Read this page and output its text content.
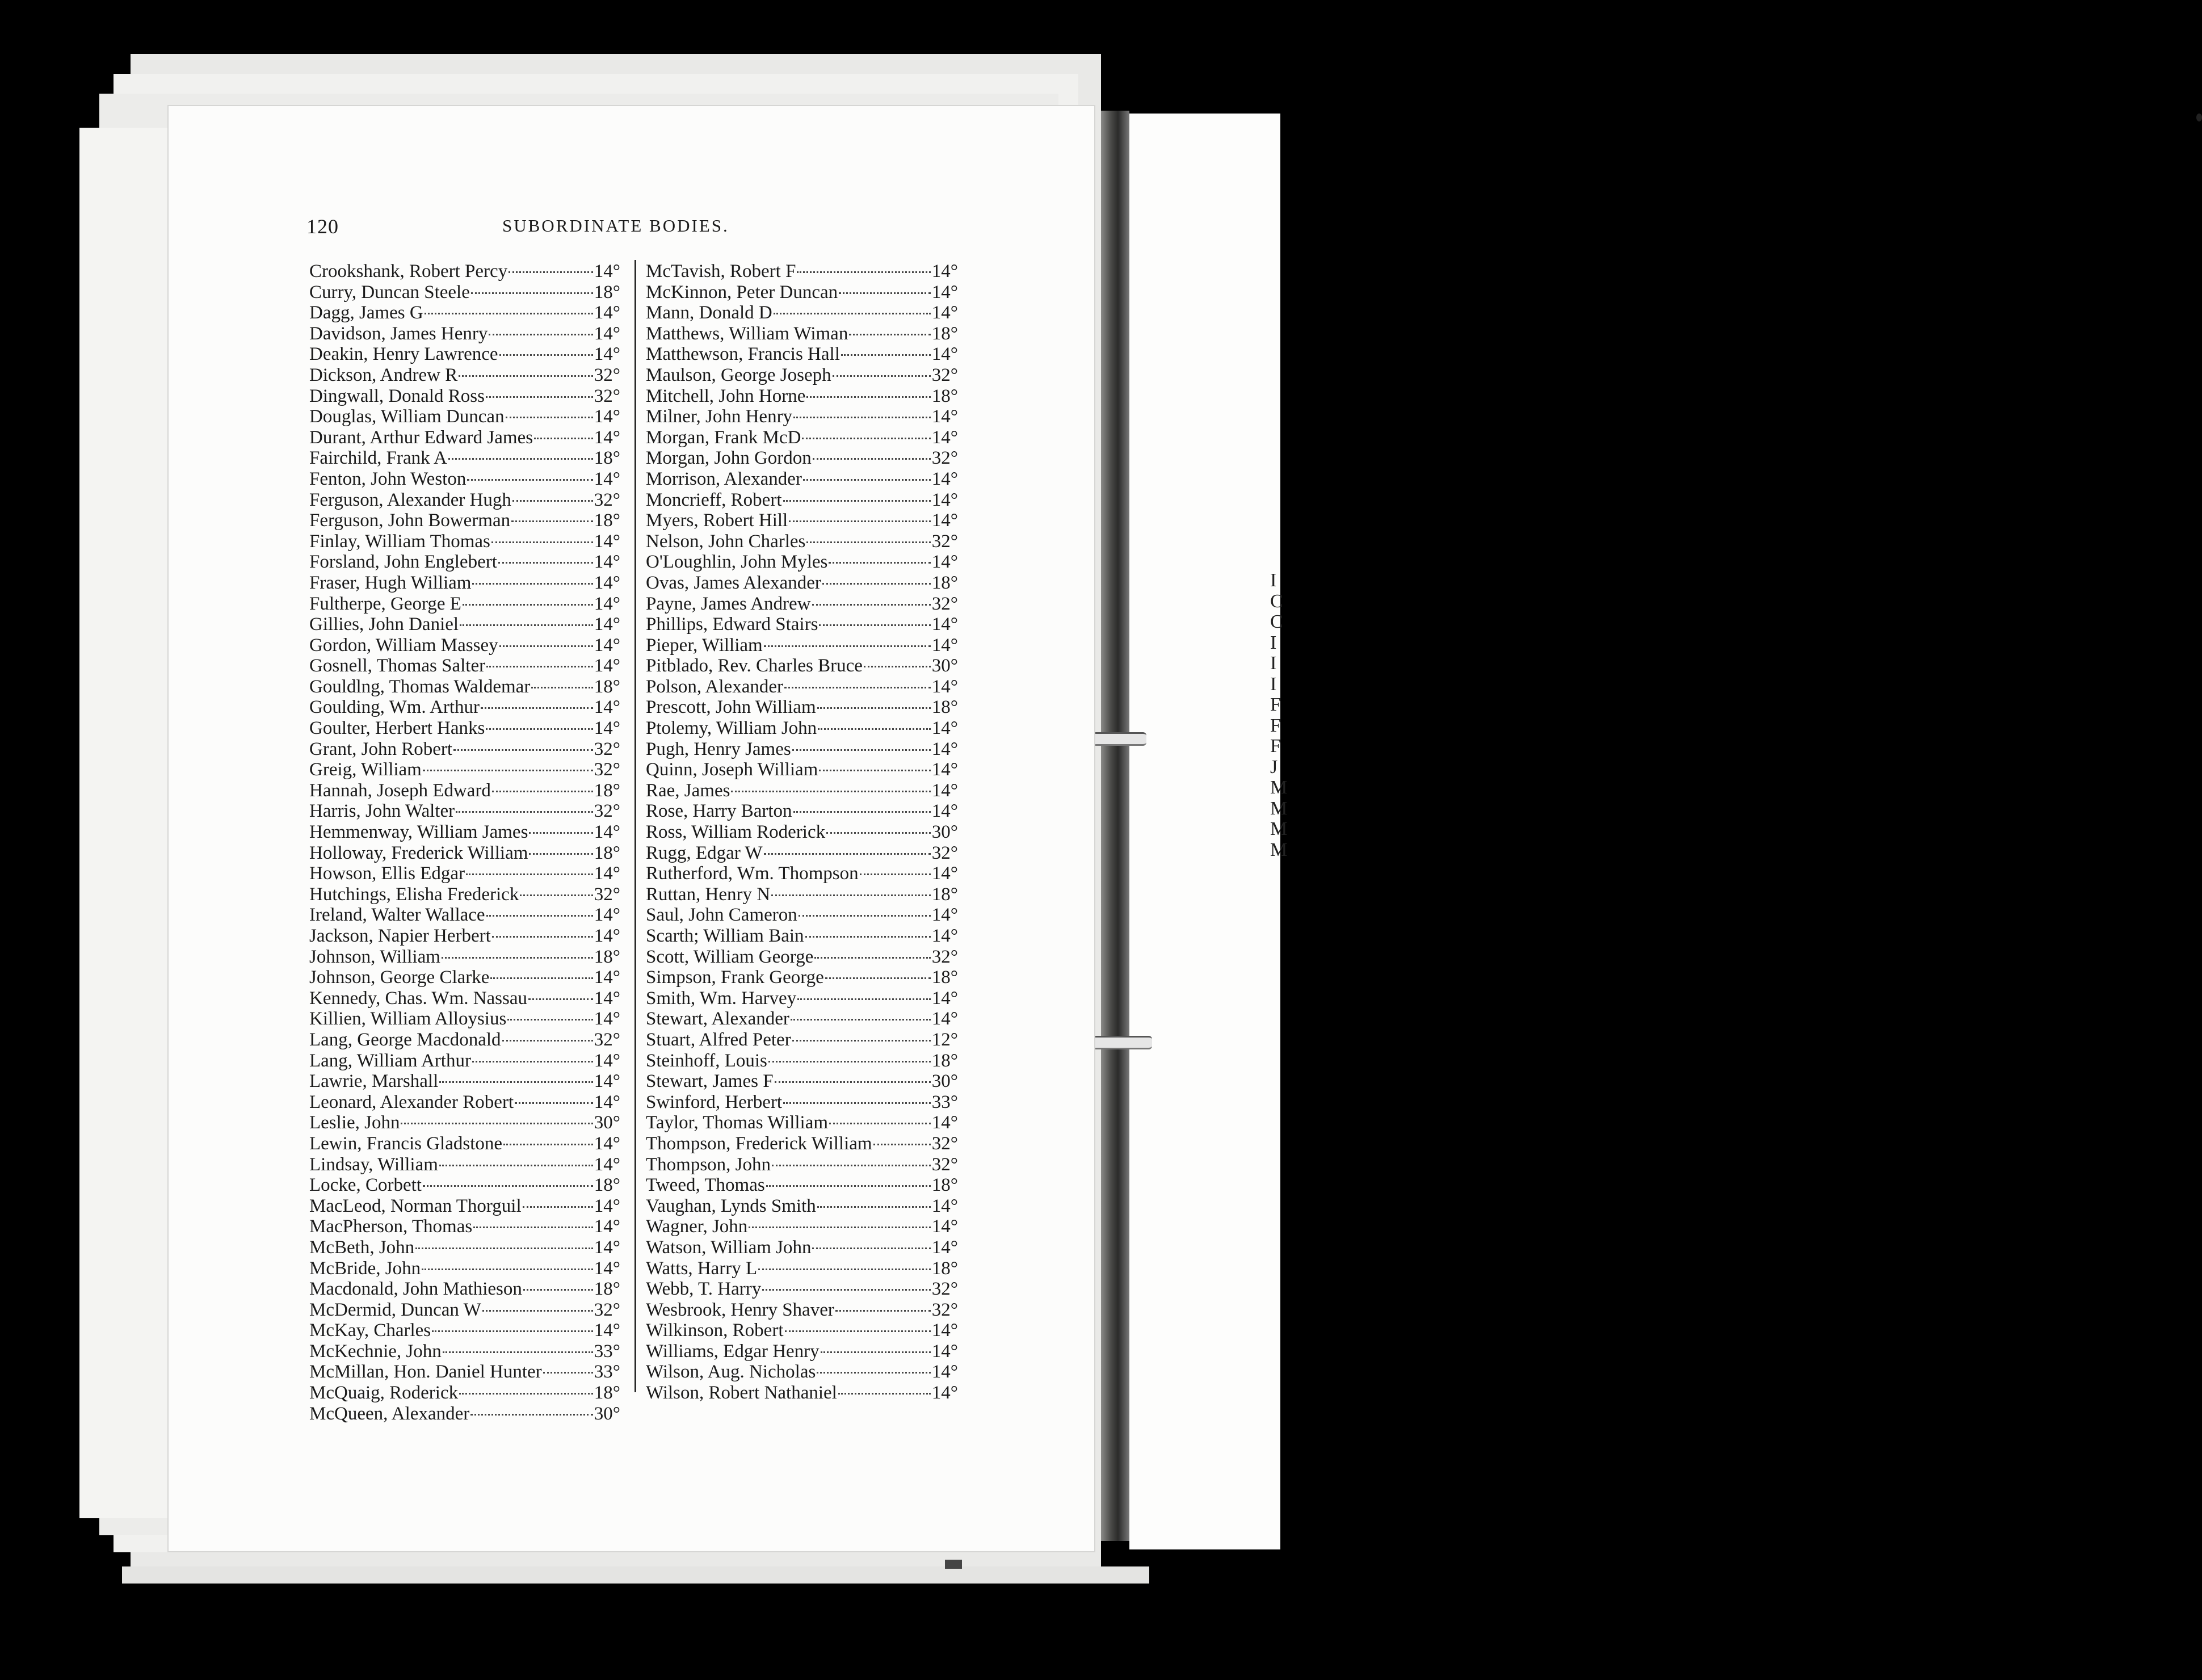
I
C
C
I
I
I
F
F
F
J
M
M
M
M
120	SUBORDINATE BODIES.
Crookshank, Robert Percy	14°
Curry, Duncan Steele	18°
Dagg, James G	14°
Davidson, James Henry	14°
Deakin, Henry Lawrence	14°
Dickson, Andrew R	32°
Dingwall, Donald Ross	32°
Douglas, William Duncan	14°
Durant, Arthur Edward James	14°
Fairchild, Frank A	18°
Fenton, John Weston	14°
Ferguson, Alexander Hugh	32°
Ferguson, John Bowerman	18°
Finlay, William Thomas	14°
Forsland, John Englebert	14°
Fraser, Hugh William	14°
Fultherpe, George E	14°
Gillies, John Daniel	14°
Gordon, William Massey	14°
Gosnell, Thomas Salter	14°
Gouldlng, Thomas Waldemar	18°
Goulding, Wm. Arthur	14°
Goulter, Herbert Hanks	14°
Grant, John Robert	32°
Greig, William	32°
Hannah, Joseph Edward	18°
Harris, John Walter	32°
Hemmenway, William James	14°
Holloway, Frederick William	18°
Howson, Ellis Edgar	14°
Hutchings, Elisha Frederick	32°
Ireland, Walter Wallace	14°
Jackson, Napier Herbert	14°
Johnson, William	18°
Johnson, George Clarke	14°
Kennedy, Chas. Wm. Nassau	14°
Killien, William Alloysius	14°
Lang, George Macdonald	32°
Lang, William Arthur	14°
Lawrie, Marshall	14°
Leonard, Alexander Robert	14°
Leslie, John	30°
Lewin, Francis Gladstone	14°
Lindsay, William	14°
Locke, Corbett	18°
MacLeod, Norman Thorguil	14°
MacPherson, Thomas	14°
McBeth, John	14°
McBride, John	14°
Macdonald, John Mathieson	18°
McDermid, Duncan W	32°
McKay, Charles	14°
McKechnie, John	33°
McMillan, Hon. Daniel Hunter	33°
McQuaig, Roderick	18°
McQueen, Alexander	30°
McTavish, Robert F	14°
McKinnon, Peter Duncan	14°
Mann, Donald D	14°
Matthews, William Wiman	18°
Matthewson, Francis Hall	14°
Maulson, George Joseph	32°
Mitchell, John Horne	18°
Milner, John Henry	14°
Morgan, Frank McD	14°
Morgan, John Gordon	32°
Morrison, Alexander	14°
Moncrieff, Robert	14°
Myers, Robert Hill	14°
Nelson, John Charles	32°
O'Loughlin, John Myles	14°
Ovas, James Alexander	18°
Payne, James Andrew	32°
Phillips, Edward Stairs	14°
Pieper, William	14°
Pitblado, Rev. Charles Bruce	30°
Polson, Alexander	14°
Prescott, John William	18°
Ptolemy, William John	14°
Pugh, Henry James	14°
Quinn, Joseph William	14°
Rae, James	14°
Rose, Harry Barton	14°
Ross, William Roderick	30°
Rugg, Edgar W	32°
Rutherford, Wm. Thompson	14°
Ruttan, Henry N	18°
Saul, John Cameron	14°
Scarth; William Bain	14°
Scott, William George	32°
Simpson, Frank George	18°
Smith, Wm. Harvey	14°
Stewart, Alexander	14°
Stuart, Alfred Peter	12°
Steinhoff, Louis	18°
Stewart, James F	30°
Swinford, Herbert	33°
Taylor, Thomas William	14°
Thompson, Frederick William	32°
Thompson, John	32°
Tweed, Thomas	18°
Vaughan, Lynds Smith	14°
Wagner, John	14°
Watson, William John	14°
Watts, Harry L	18°
Webb, T. Harry	32°
Wesbrook, Henry Shaver	32°
Wilkinson, Robert	14°
Williams, Edgar Henry	14°
Wilson, Aug. Nicholas	14°
Wilson, Robert Nathaniel	14°
